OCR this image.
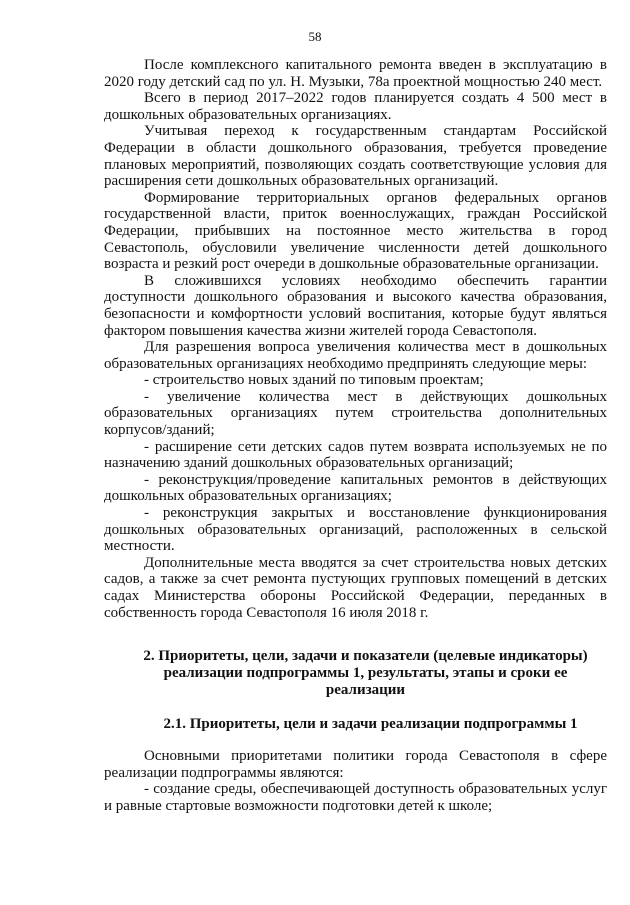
58

После комплексного капитального ремонта введен в эксплуатацию в 2020 году детский сад по ул. Н. Музыки, 78а проектной мощностью 240 мест.

Всего в период 2017–2022 годов планируется создать 4 500 мест в дошкольных образовательных организациях.

Учитывая переход к государственным стандартам Российской Федерации в области дошкольного образования, требуется проведение плановых мероприятий, позволяющих создать соответствующие условия для расширения сети дошкольных образовательных организаций.

Формирование территориальных органов федеральных органов государственной власти, приток военнослужащих, граждан Российской Федерации, прибывших на постоянное место жительства в город Севастополь, обусловили увеличение численности детей дошкольного возраста и резкий рост очереди в дошкольные образовательные организации.

В сложившихся условиях необходимо обеспечить гарантии доступности дошкольного образования и высокого качества образования, безопасности и комфортности условий воспитания, которые будут являться фактором повышения качества жизни жителей города Севастополя.

Для разрешения вопроса увеличения количества мест в дошкольных образовательных организациях необходимо предпринять следующие меры:

- строительство новых зданий по типовым проектам;

- увеличение количества мест в действующих дошкольных образовательных организациях путем строительства дополнительных корпусов/зданий;

- расширение сети детских садов путем возврата используемых не по назначению зданий дошкольных образовательных организаций;

- реконструкция/проведение капитальных ремонтов в действующих дошкольных образовательных организациях;

- реконструкция закрытых и восстановление функционирования дошкольных образовательных организаций, расположенных в сельской местности.

Дополнительные места вводятся за счет строительства новых детских садов, а также за счет ремонта пустующих групповых помещений в детских садах Министерства обороны Российской Федерации, переданных в собственность города Севастополя 16 июля 2018 г.

2. Приоритеты, цели, задачи и показатели (целевые индикаторы)
реализации подпрограммы 1, результаты, этапы и сроки ее реализации
2.1. Приоритеты, цели и задачи реализации подпрограммы 1

Основными приоритетами политики города Севастополя в сфере реализации подпрограммы являются:

- создание среды, обеспечивающей доступность образовательных услуг и равные стартовые возможности подготовки детей к школе;
